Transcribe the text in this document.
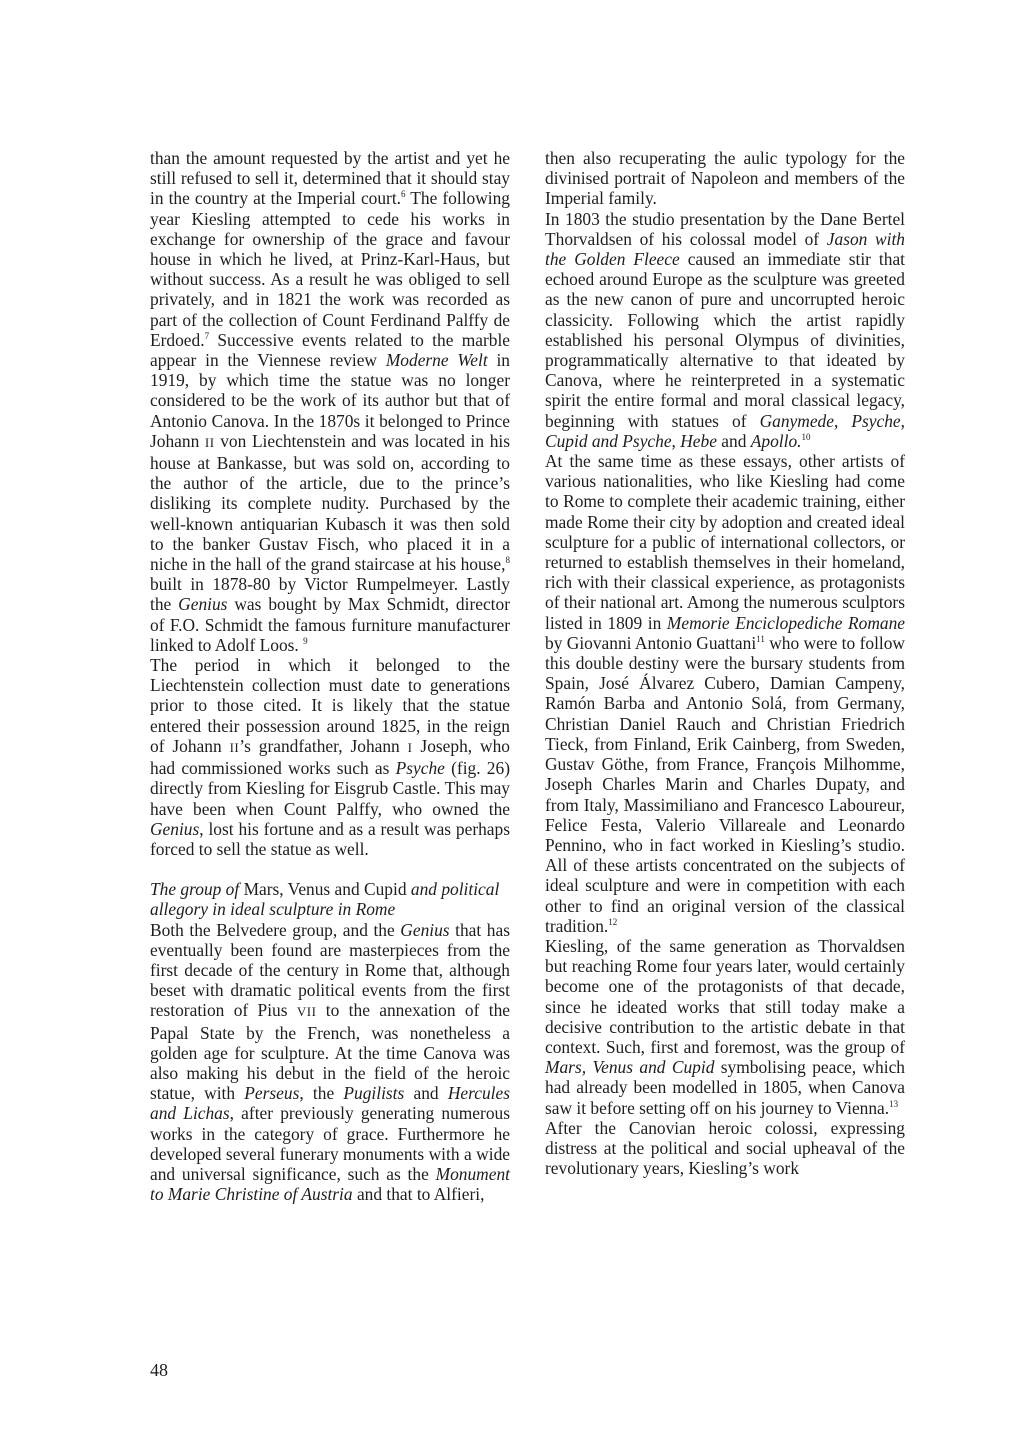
than the amount requested by the artist and yet he still refused to sell it, determined that it should stay in the country at the Imperial court.$^6$ The following year Kiesling attempted to cede his works in exchange for ownership of the grace and favour house in which he lived, at Prinz-Karl-Haus, but without success. As a result he was obliged to sell privately, and in 1821 the work was recorded as part of the collection of Count Ferdinand Palffy de Erdoed.$^7$ Successive events related to the marble appear in the Viennese review Moderne Welt in 1919, by which time the statue was no longer considered to be the work of its author but that of Antonio Canova. In the 1870s it belonged to Prince Johann II von Liechtenstein and was located in his house at Bankasse, but was sold on, according to the author of the article, due to the prince’s disliking its complete nudity. Purchased by the well-known antiquarian Kubasch it was then sold to the banker Gustav Fisch, who placed it in a niche in the hall of the grand staircase at his house,$^8$ built in 1878-80 by Victor Rumpelmeyer. Lastly the Genius was bought by Max Schmidt, director of F.O. Schmidt the famous furniture manufacturer linked to Adolf Loos. $^9$

The period in which it belonged to the Liechtenstein collection must date to generations prior to those cited. It is likely that the statue entered their possession around 1825, in the reign of Johann II’s grandfather, Johann I Joseph, who had commissioned works such as Psyche (fig. 26) directly from Kiesling for Eisgrub Castle. This may have been when Count Palffy, who owned the Genius, lost his fortune and as a result was perhaps forced to sell the statue as well.

The group of Mars, Venus and Cupid and political allegory in ideal sculpture in Rome

Both the Belvedere group, and the Genius that has eventually been found are masterpieces from the first decade of the century in Rome that, although beset with dramatic political events from the first restoration of Pius VII to the annexation of the Papal State by the French, was nonetheless a golden age for sculpture. At the time Canova was also making his debut in the field of the heroic statue, with Perseus, the Pugilists and Hercules and Lichas, after previously generating numerous works in the category of grace. Furthermore he developed several funerary monuments with a wide and universal significance, such as the Monument to Marie Christine of Austria and that to Alfieri,

then also recuperating the aulic typology for the divinised portrait of Napoleon and members of the Imperial family.

In 1803 the studio presentation by the Dane Bertel Thorvaldsen of his colossal model of Jason with the Golden Fleece caused an immediate stir that echoed around Europe as the sculpture was greeted as the new canon of pure and uncorrupted heroic classicity. Following which the artist rapidly established his personal Olympus of divinities, programmatically alternative to that ideated by Canova, where he reinterpreted in a systematic spirit the entire formal and moral classical legacy, beginning with statues of Ganymede, Psyche, Cupid and Psyche, Hebe and Apollo.$^{10}$

At the same time as these essays, other artists of various nationalities, who like Kiesling had come to Rome to complete their academic training, either made Rome their city by adoption and created ideal sculpture for a public of international collectors, or returned to establish themselves in their homeland, rich with their classical experience, as protagonists of their national art. Among the numerous sculptors listed in 1809 in Memorie Enciclopediche Romane by Giovanni Antonio Guattani$^{11}$ who were to follow this double destiny were the bursary students from Spain, José Álvarez Cubero, Damian Campeny, Ramón Barba and Antonio Solá, from Germany, Christian Daniel Rauch and Christian Friedrich Tieck, from Finland, Erik Cainberg, from Sweden, Gustav Göthe, from France, François Milhomme, Joseph Charles Marin and Charles Dupaty, and from Italy, Massimiliano and Francesco Laboureur, Felice Festa, Valerio Villareale and Leonardo Pennino, who in fact worked in Kiesling’s studio. All of these artists concentrated on the subjects of ideal sculpture and were in competition with each other to find an original version of the classical tradition.$^{12}$

Kiesling, of the same generation as Thorvaldsen but reaching Rome four years later, would certainly become one of the protagonists of that decade, since he ideated works that still today make a decisive contribution to the artistic debate in that context. Such, first and foremost, was the group of Mars, Venus and Cupid symbolising peace, which had already been modelled in 1805, when Canova saw it before setting off on his journey to Vienna.$^{13}$

After the Canovian heroic colossi, expressing distress at the political and social upheaval of the revolutionary years, Kiesling’s work

48
